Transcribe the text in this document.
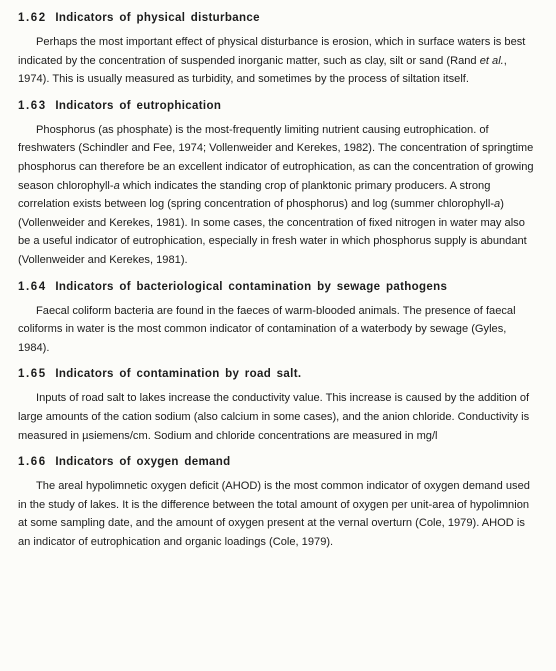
1.62 Indicators of physical disturbance

Perhaps the most important effect of physical disturbance is erosion, which in surface waters is best indicated by the concentration of suspended inorganic matter, such as clay, silt or sand (Rand et al., 1974). This is usually measured as turbidity, and sometimes by the process of siltation itself.

1.63 Indicators of eutrophication

Phosphorus (as phosphate) is the most-frequently limiting nutrient causing eutrophication. of freshwaters (Schindler and Fee, 1974; Vollenweider and Kerekes, 1982). The concentration of springtime phosphorus can therefore be an excellent indicator of eutrophication, as can the concentration of growing season chlorophyll-a which indicates the standing crop of planktonic primary producers. A strong correlation exists between log (spring concentration of phosphorus) and log (summer chlorophyll-a) (Vollenweider and Kerekes, 1981). In some cases, the concentration of fixed nitrogen in water may also be a useful indicator of eutrophication, especially in fresh water in which phosphorus supply is abundant (Vollenweider and Kerekes, 1981).

1.64 Indicators of bacteriological contamination by sewage pathogens

Faecal coliform bacteria are found in the faeces of warm-blooded animals. The presence of faecal coliforms in water is the most common indicator of contamination of a waterbody by sewage (Gyles, 1984).

1.65 Indicators of contamination by road salt.

Inputs of road salt to lakes increase the conductivity value. This increase is caused by the addition of large amounts of the cation sodium (also calcium in some cases), and the anion chloride. Conductivity is measured in µsiemens/cm. Sodium and chloride concentrations are measured in mg/l

1.66 Indicators of oxygen demand

The areal hypolimnetic oxygen deficit (AHOD) is the most common indicator of oxygen demand used in the study of lakes. It is the difference between the total amount of oxygen per unit-area of hypolimnion at some sampling date, and the amount of oxygen present at the vernal overturn (Cole, 1979). AHOD is an indicator of eutrophication and organic loadings (Cole, 1979).
